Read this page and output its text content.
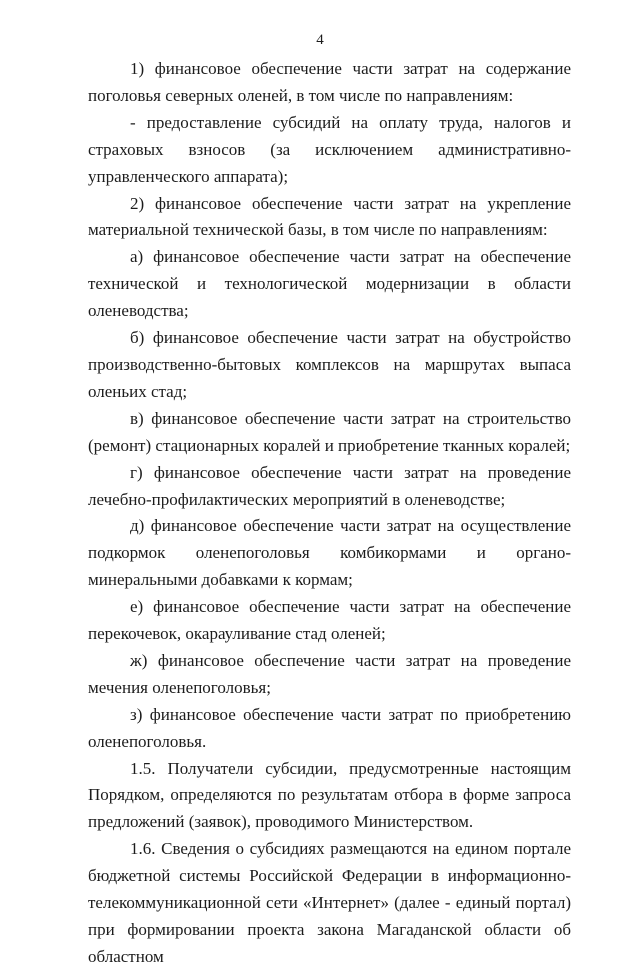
4

1) финансовое обеспечение части затрат на содержание поголовья северных оленей, в том числе по направлениям:

- предоставление субсидий на оплату труда, налогов и страховых взносов (за исключением административно-управленческого аппарата);

2) финансовое обеспечение части затрат на укрепление материальной технической базы, в том числе по направлениям:

а) финансовое обеспечение части затрат на обеспечение технической и технологической модернизации в области оленеводства;

б) финансовое обеспечение части затрат на обустройство производственно-бытовых комплексов на маршрутах выпаса оленьих стад;

в) финансовое обеспечение части затрат на строительство (ремонт) стационарных коралей и приобретение тканных коралей;

г) финансовое обеспечение части затрат на проведение лечебно-профилактических мероприятий в оленеводстве;

д) финансовое обеспечение части затрат на осуществление подкормок оленепоголовья комбикормами и органо-минеральными добавками к кормам;

е) финансовое обеспечение части затрат на обеспечение перекочевок, окарауливание стад оленей;

ж) финансовое обеспечение части затрат на проведение мечения оленепоголовья;

з) финансовое обеспечение части затрат по приобретению оленепоголовья.

1.5. Получатели субсидии, предусмотренные настоящим Порядком, определяются по результатам отбора в форме запроса предложений (заявок), проводимого Министерством.

1.6. Сведения о субсидиях размещаются на едином портале бюджетной системы Российской Федерации в информационно-телекоммуникационной сети «Интернет» (далее - единый портал) при формировании проекта закона Магаданской области об областном
